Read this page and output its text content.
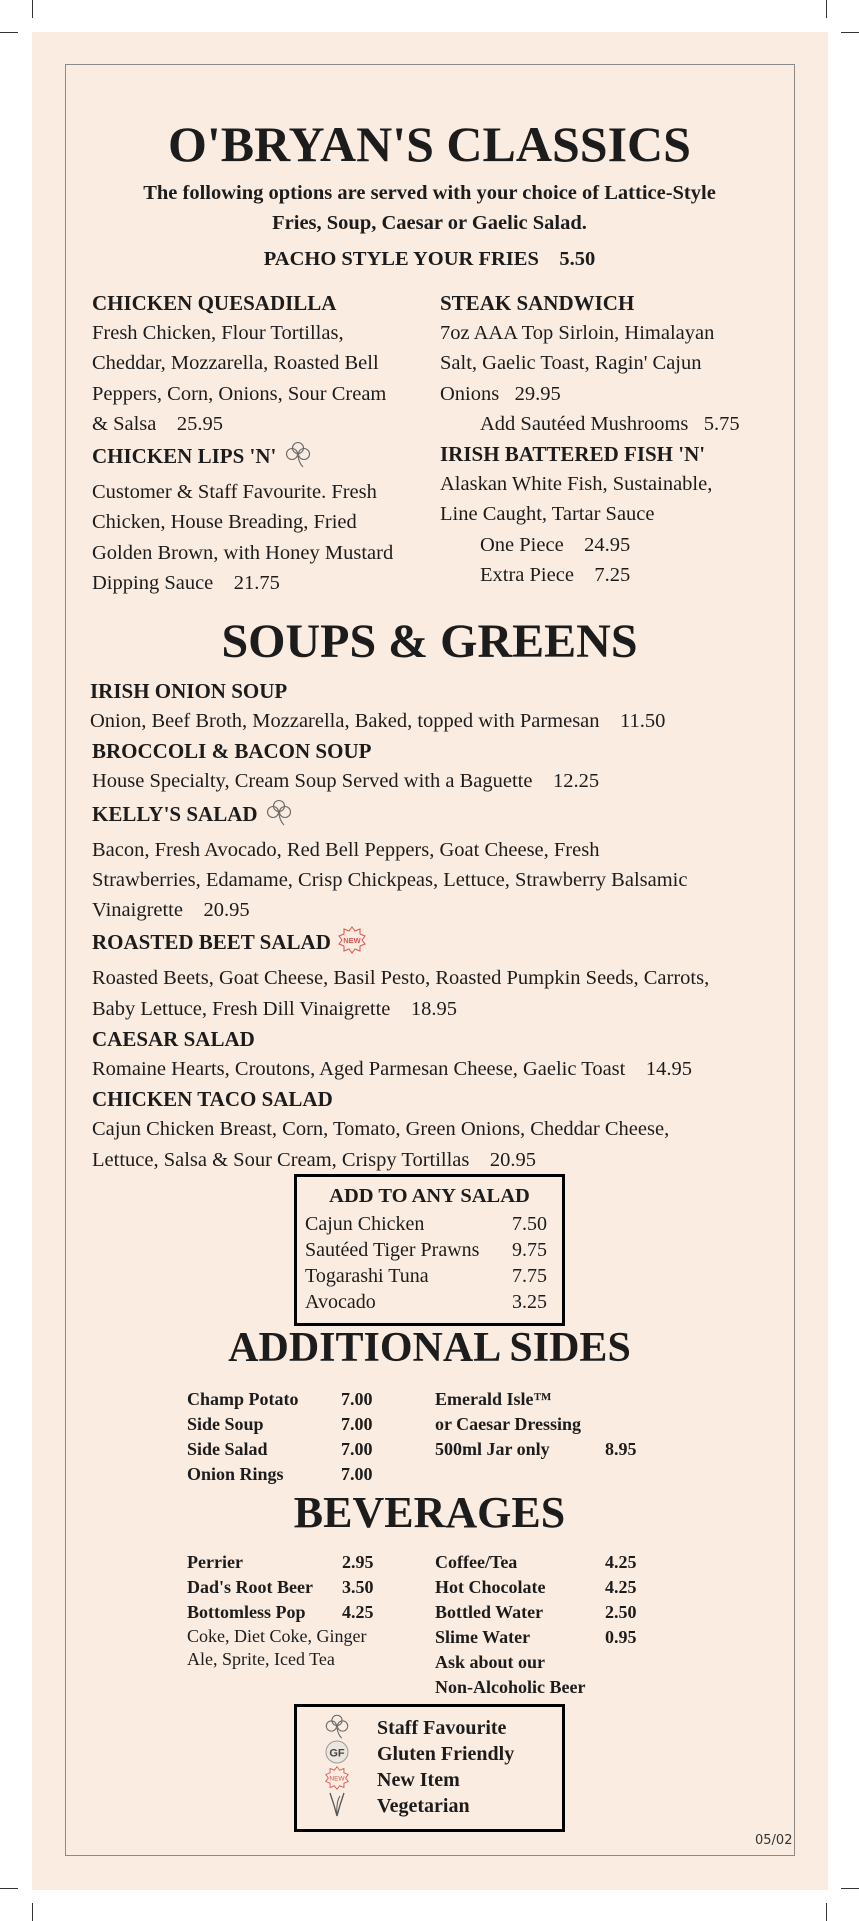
O'BRYAN'S CLASSICS
The following options are served with your choice of Lattice-Style
Fries, Soup, Caesar or Gaelic Salad.
PACHO STYLE YOUR FRIES 5.50
CHICKEN QUESADILLA
Fresh Chicken, Flour Tortillas,
Cheddar, Mozzarella, Roasted Bell
Peppers, Corn, Onions, Sour Cream
& Salsa 25.95
CHICKEN LIPS 'N'
Customer & Staff Favourite. Fresh
Chicken, House Breading, Fried
Golden Brown, with Honey Mustard
Dipping Sauce 21.75
STEAK SANDWICH
7oz AAA Top Sirloin, Himalayan
Salt, Gaelic Toast, Ragin' Cajun
Onions 29.95
Add Sautéed Mushrooms 5.75
IRISH BATTERED FISH 'N'
Alaskan White Fish, Sustainable,
Line Caught, Tartar Sauce
One Piece 24.95
Extra Piece 7.25
SOUPS & GREENS
IRISH ONION SOUP
Onion, Beef Broth, Mozzarella, Baked, topped with Parmesan 11.50
BROCCOLI & BACON SOUP
House Specialty, Cream Soup Served with a Baguette 12.25
KELLY'S SALAD
Bacon, Fresh Avocado, Red Bell Peppers, Goat Cheese, Fresh
Strawberries, Edamame, Crisp Chickpeas, Lettuce, Strawberry Balsamic
Vinaigrette 20.95
ROASTED BEET SALAD NEW
Roasted Beets, Goat Cheese, Basil Pesto, Roasted Pumpkin Seeds, Carrots,
Baby Lettuce, Fresh Dill Vinaigrette 18.95
CAESAR SALAD
Romaine Hearts, Croutons, Aged Parmesan Cheese, Gaelic Toast 14.95
CHICKEN TACO SALAD
Cajun Chicken Breast, Corn, Tomato, Green Onions, Cheddar Cheese,
Lettuce, Salsa & Sour Cream, Crispy Tortillas 20.95
ADD TO ANY SALAD
Cajun Chicken	7.50
Sautéed Tiger Prawns	9.75
Togarashi Tuna	7.75
Avocado	3.25
ADDITIONAL SIDES
Champ Potato	7.00
Side Soup	7.00
Side Salad	7.00
Onion Rings	7.00
Emerald Isle™
or Caesar Dressing
500ml Jar only	8.95
BEVERAGES
Perrier	2.95
Dad's Root Beer	3.50
Bottomless Pop	4.25
Coke, Diet Coke, Ginger
Ale, Sprite, Iced Tea
Coffee/Tea	4.25
Hot Chocolate	4.25
Bottled Water	2.50
Slime Water	0.95
Ask about our
Non-Alcoholic Beer
Staff Favourite
GF Gluten Friendly
NEW New Item
Vegetarian
05/02
